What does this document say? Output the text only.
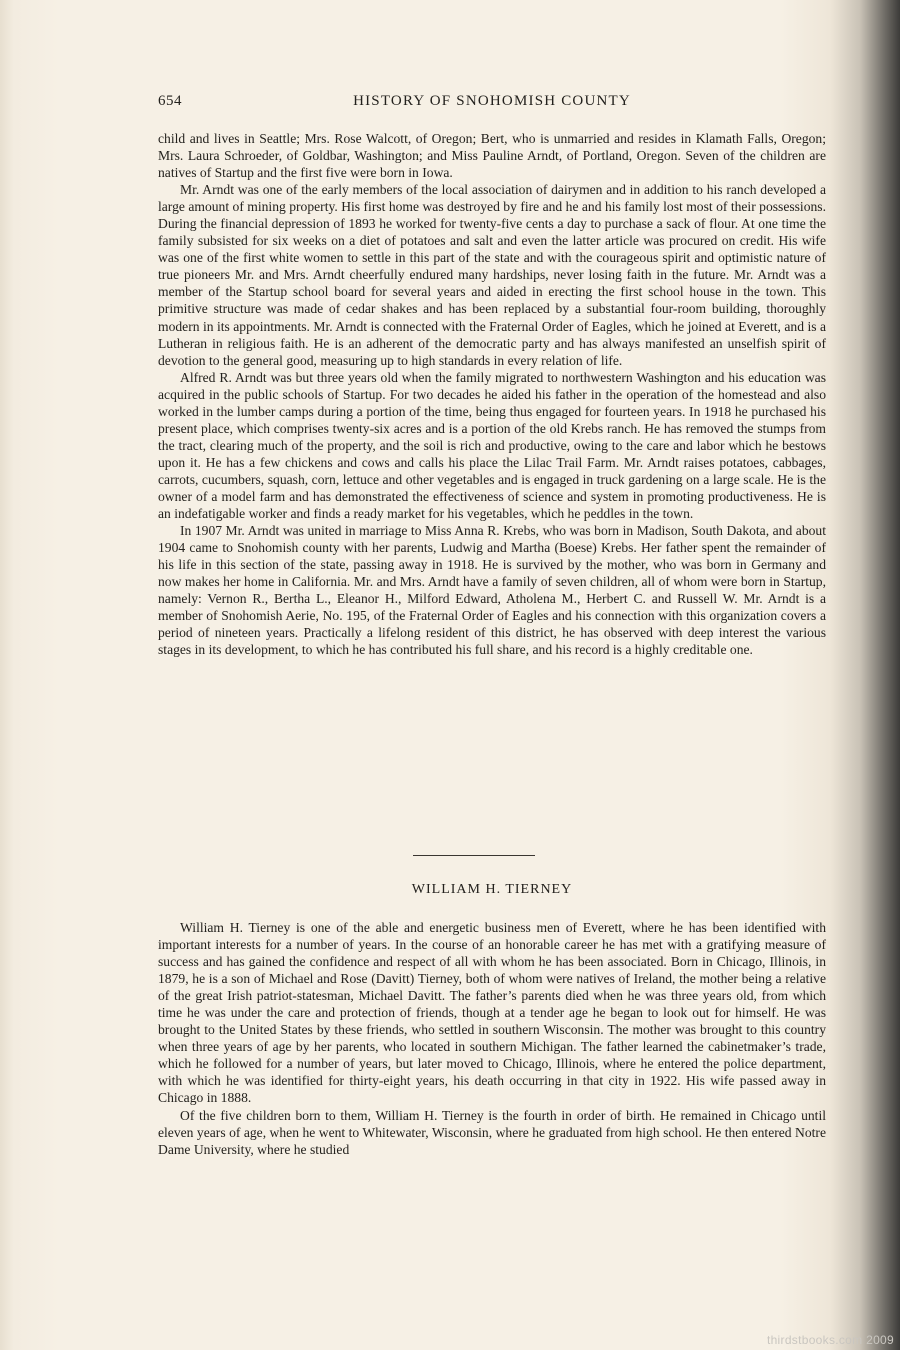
654	HISTORY OF SNOHOMISH COUNTY

child and lives in Seattle; Mrs. Rose Walcott, of Oregon; Bert, who is unmarried and resides in Klamath Falls, Oregon; Mrs. Laura Schroeder, of Goldbar, Washington; and Miss Pauline Arndt, of Portland, Oregon. Seven of the children are natives of Startup and the first five were born in Iowa.

Mr. Arndt was one of the early members of the local association of dairymen and in addition to his ranch developed a large amount of mining property. His first home was destroyed by fire and he and his family lost most of their possessions. During the financial depression of 1893 he worked for twenty-five cents a day to purchase a sack of flour. At one time the family subsisted for six weeks on a diet of potatoes and salt and even the latter article was procured on credit. His wife was one of the first white women to settle in this part of the state and with the courageous spirit and optimistic nature of true pioneers Mr. and Mrs. Arndt cheerfully endured many hardships, never losing faith in the future. Mr. Arndt was a member of the Startup school board for several years and aided in erecting the first school house in the town. This primitive structure was made of cedar shakes and has been replaced by a substantial four-room building, thoroughly modern in its appointments. Mr. Arndt is connected with the Fraternal Order of Eagles, which he joined at Everett, and is a Lutheran in religious faith. He is an adherent of the democratic party and has always manifested an unselfish spirit of devotion to the general good, measuring up to high standards in every relation of life.

Alfred R. Arndt was but three years old when the family migrated to northwestern Washington and his education was acquired in the public schools of Startup. For two decades he aided his father in the operation of the homestead and also worked in the lumber camps during a portion of the time, being thus engaged for fourteen years. In 1918 he purchased his present place, which comprises twenty-six acres and is a portion of the old Krebs ranch. He has removed the stumps from the tract, clearing much of the property, and the soil is rich and productive, owing to the care and labor which he bestows upon it. He has a few chickens and cows and calls his place the Lilac Trail Farm. Mr. Arndt raises potatoes, cabbages, carrots, cucumbers, squash, corn, lettuce and other vegetables and is engaged in truck gardening on a large scale. He is the owner of a model farm and has demonstrated the effectiveness of science and system in promoting productiveness. He is an indefatigable worker and finds a ready market for his vegetables, which he peddles in the town.

In 1907 Mr. Arndt was united in marriage to Miss Anna R. Krebs, who was born in Madison, South Dakota, and about 1904 came to Snohomish county with her parents, Ludwig and Martha (Boese) Krebs. Her father spent the remainder of his life in this section of the state, passing away in 1918. He is survived by the mother, who was born in Germany and now makes her home in California. Mr. and Mrs. Arndt have a family of seven children, all of whom were born in Startup, namely: Vernon R., Bertha L., Eleanor H., Milford Edward, Atholena M., Herbert C. and Russell W. Mr. Arndt is a member of Snohomish Aerie, No. 195, of the Fraternal Order of Eagles and his connection with this organization covers a period of nineteen years. Practically a lifelong resident of this district, he has observed with deep interest the various stages in its development, to which he has contributed his full share, and his record is a highly creditable one.

WILLIAM H. TIERNEY

William H. Tierney is one of the able and energetic business men of Everett, where he has been identified with important interests for a number of years. In the course of an honorable career he has met with a gratifying measure of success and has gained the confidence and respect of all with whom he has been associated. Born in Chicago, Illinois, in 1879, he is a son of Michael and Rose (Davitt) Tierney, both of whom were natives of Ireland, the mother being a relative of the great Irish patriot-statesman, Michael Davitt. The father’s parents died when he was three years old, from which time he was under the care and protection of friends, though at a tender age he began to look out for himself. He was brought to the United States by these friends, who settled in southern Wisconsin. The mother was brought to this country when three years of age by her parents, who located in southern Michigan. The father learned the cabinetmaker’s trade, which he followed for a number of years, but later moved to Chicago, Illinois, where he entered the police department, with which he was identified for thirty-eight years, his death occurring in that city in 1922. His wife passed away in Chicago in 1888.

Of the five children born to them, William H. Tierney is the fourth in order of birth. He remained in Chicago until eleven years of age, when he went to Whitewater, Wisconsin, where he graduated from high school. He then entered Notre Dame University, where he studied

thirdstbooks.com 2009
